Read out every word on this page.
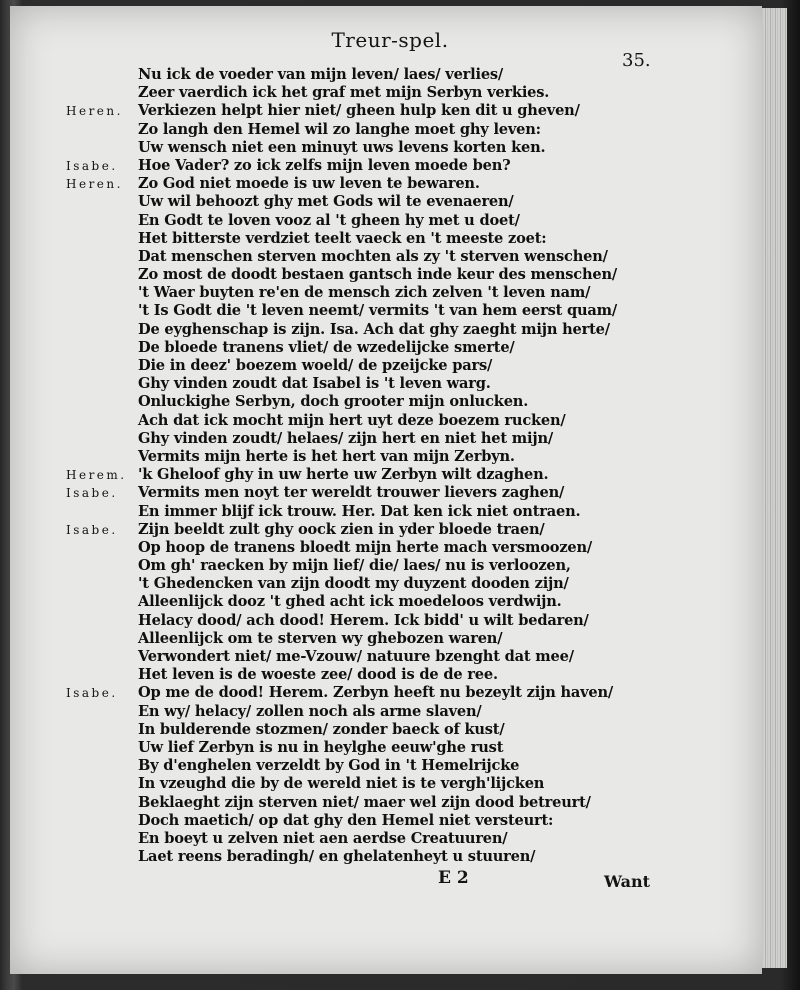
Treur-spel.
35.
Nu ick de voeder van mijn leven/ laes/ verlies/
Zeer vaerdich ick het graf met mijn Serbyn verkies.
Heren. Verkiezen helpt hier niet/ gheen hulp ken dit u gheven/
Zo langh den Hemel wil zo langhe moet ghy leven:
Uw wensch niet een minuyt uws levens korten ken.
Isabe. Hoe Vader? zo ick zelfs mijn leven moede ben?
Heren. Zo God niet moede is uw leven te bewaren.
Uw wil behoozt ghy met Gods wil te evenaeren/
En Godt te loven vooz al 't gheen hy met u doet/
Het bitterste verdziet teelt vaeck en 't meeste zoet:
Dat menschen sterven mochten als zy 't sterven wenschen/
Zo most de doodt bestaen gantsch inde keur des menschen/
't Waer buyten re'en de mensch zich zelven 't leven nam/
't Is Godt die 't leven neemt/ vermits 't van hem eerst quam/
De eyghenschap is zijn. Isa. Ach dat ghy zaeght mijn herte/
De bloede tranens vliet/ de wzedelijcke smerte/
Die in deez' boezem woeld/ de pzeijcke pars/
Ghy vinden zoudt dat Isabel is 't leven warg.
Onluckighe Serbyn, doch grooter mijn onlucken.
Ach dat ick mocht mijn hert uyt deze boezem rucken/
Ghy vinden zoudt/ helaes/ zijn hert en niet het mijn/
Vermits mijn herte is het hert van mijn Zerbyn.
Herem. 'k Gheloof ghy in uw herte uw Zerbyn wilt dzaghen.
Isabe. Vermits men noyt ter wereldt trouwer lievers zaghen/
En immer blijf ick trouw. Her. Dat ken ick niet ontraen.
Isabe. Zijn beeldt zult ghy oock zien in yder bloede traen/
Op hoop de tranens bloedt mijn herte mach versmoozen/
Om gh' raecken by mijn lief/ die/ laes/ nu is verloozen,
't Ghedencken van zijn doodt my duyzent dooden zijn/
Alleenlijck dooz 't ghed acht ick moedeloos verdwijn.
Helacy dood/ ach dood! Herem. Ick bidd' u wilt bedaren/
Alleenlijck om te sterven wy ghebozen waren/
Verwondert niet/ me-Vzouw/ natuure bzenght dat mee/
Het leven is de woeste zee/ dood is de de ree.
Isabe. Op me de dood! Herem. Zerbyn heeft nu bezeylt zijn haven/
En wy/ helacy/ zollen noch als arme slaven/
In bulderende stozmen/ zonder baeck of kust/
Uw lief Zerbyn is nu in heylghe eeuw'ghe rust
By d'enghelen verzeldt by God in 't Hemelrijcke
In vzeughd die by de wereld niet is te vergh'lijcken
Beklaeght zijn sterven niet/ maer wel zijn dood betreurt/
Doch maetich/ op dat ghy den Hemel niet versteurt:
En boeyt u zelven niet aen aerdse Creatuuren/
Laet reens beradingh/ en ghelatenheyt u stuuren/
E 2	Want
